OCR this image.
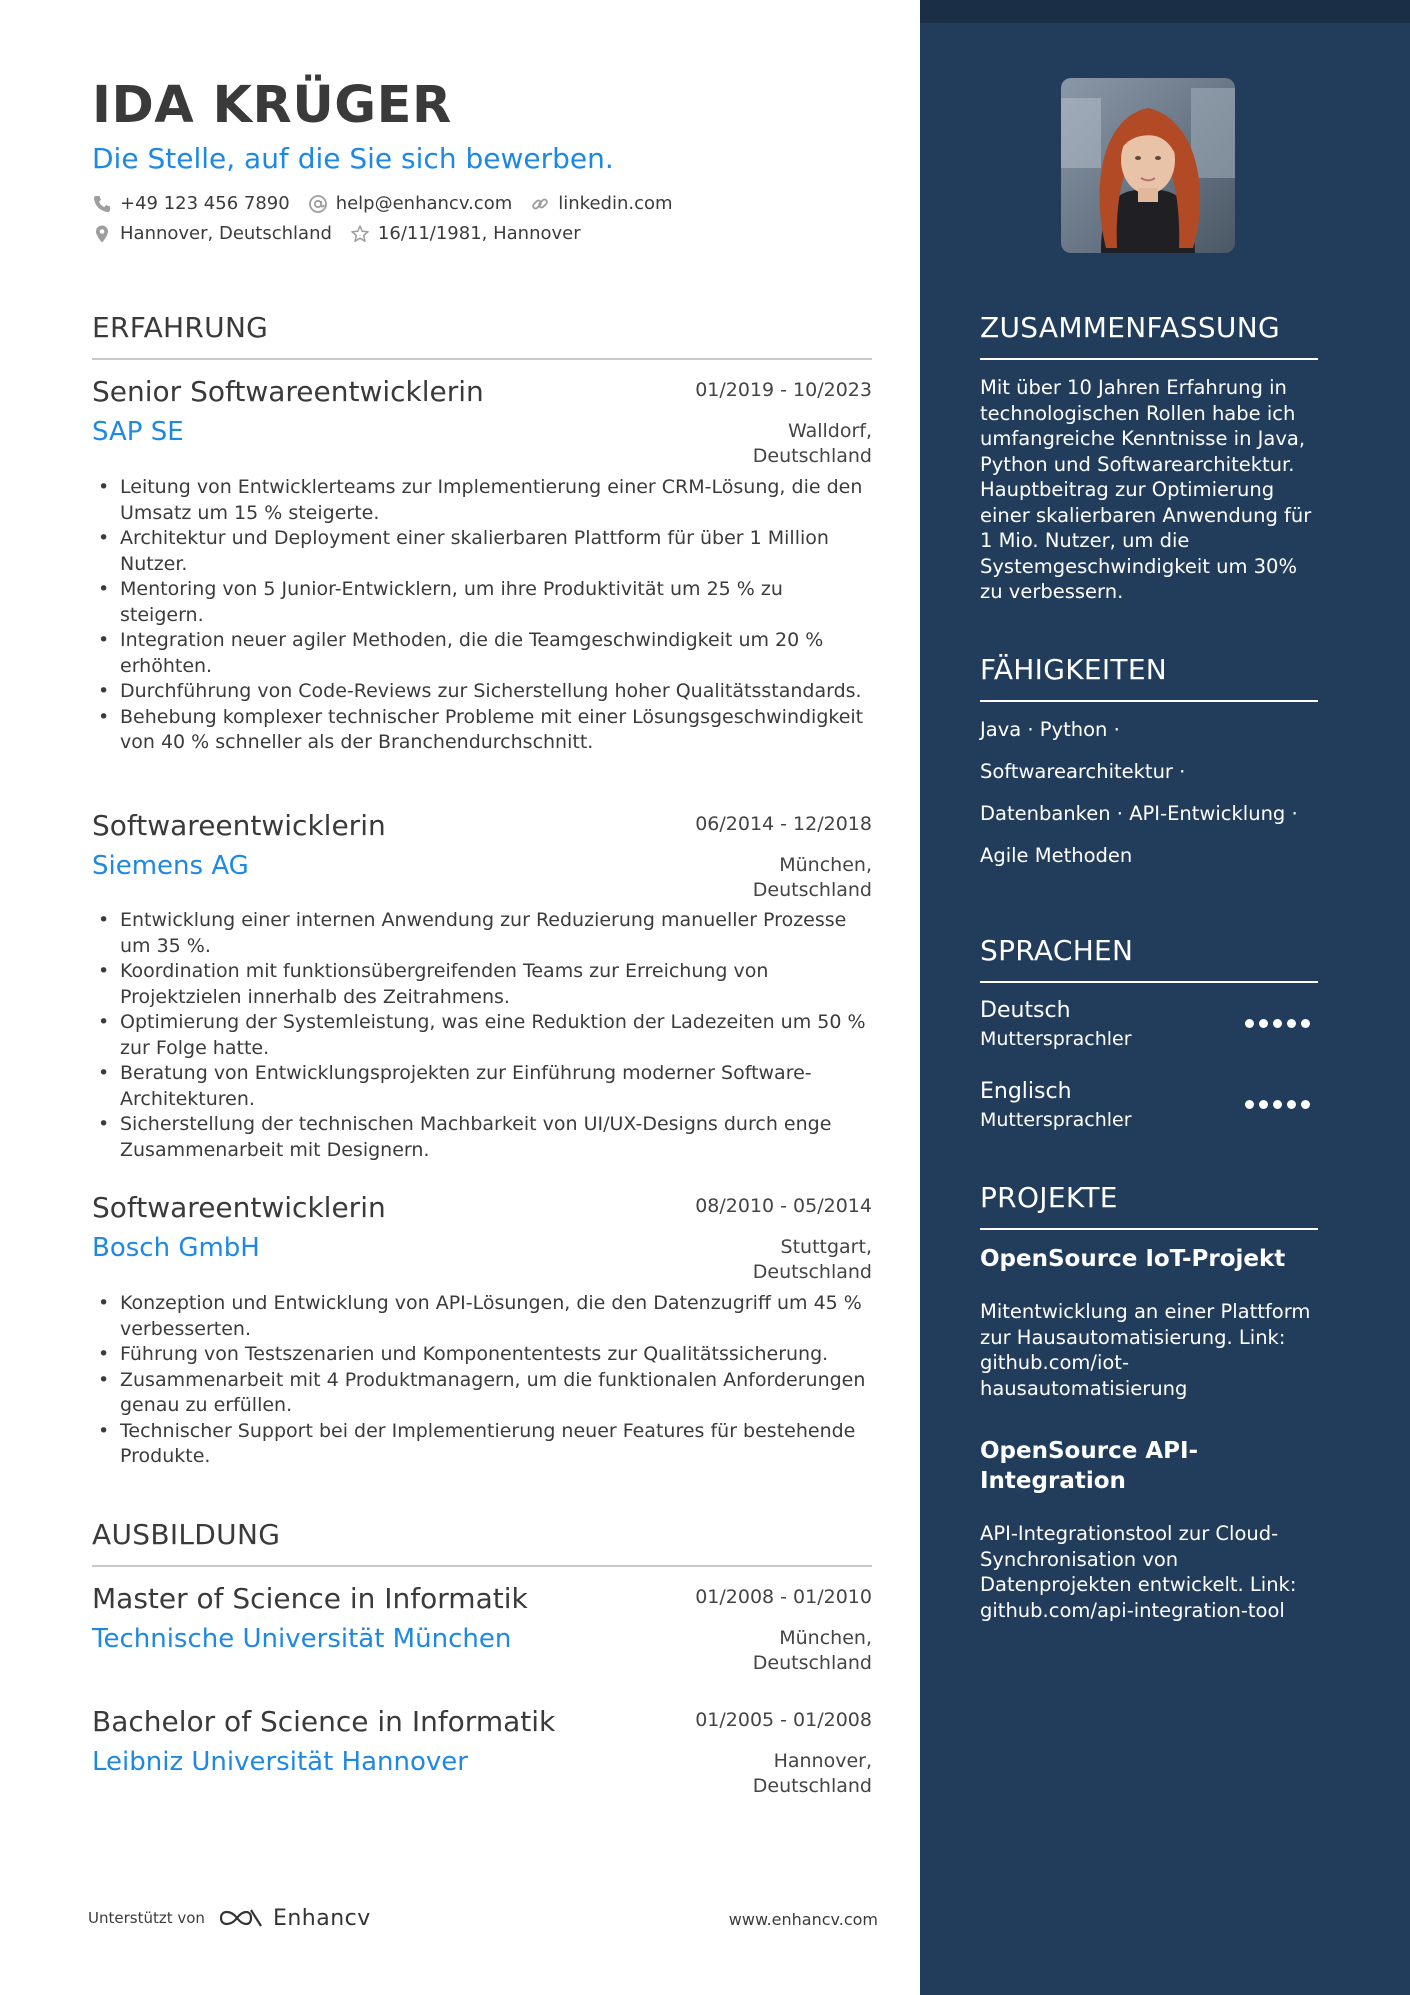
IDA KRÜGER
Die Stelle, auf die Sie sich bewerben.
+49 123 456 7890	help@enhancv.com	linkedin.com
Hannover, Deutschland	16/11/1981, Hannover
ERFAHRUNG
Senior Softwareentwicklerin	01/2019 - 10/2023
SAP SE	Walldorf,
Deutschland
• Leitung von Entwicklerteams zur Implementierung einer CRM-Lösung, die den Umsatz um 15 % steigerte.
• Architektur und Deployment einer skalierbaren Plattform für über 1 Million Nutzer.
• Mentoring von 5 Junior-Entwicklern, um ihre Produktivität um 25 % zu steigern.
• Integration neuer agiler Methoden, die die Teamgeschwindigkeit um 20 % erhöhten.
• Durchführung von Code-Reviews zur Sicherstellung hoher Qualitätsstandards.
• Behebung komplexer technischer Probleme mit einer Lösungsgeschwindigkeit von 40 % schneller als der Branchendurchschnitt.
Softwareentwicklerin	06/2014 - 12/2018
Siemens AG	München,
Deutschland
• Entwicklung einer internen Anwendung zur Reduzierung manueller Prozesse um 35 %.
• Koordination mit funktionsübergreifenden Teams zur Erreichung von Projektzielen innerhalb des Zeitrahmens.
• Optimierung der Systemleistung, was eine Reduktion der Ladezeiten um 50 % zur Folge hatte.
• Beratung von Entwicklungsprojekten zur Einführung moderner Software-Architekturen.
• Sicherstellung der technischen Machbarkeit von UI/UX-Designs durch enge Zusammenarbeit mit Designern.
Softwareentwicklerin	08/2010 - 05/2014
Bosch GmbH	Stuttgart,
Deutschland
• Konzeption und Entwicklung von API-Lösungen, die den Datenzugriff um 45 % verbesserten.
• Führung von Testszenarien und Komponententests zur Qualitätssicherung.
• Zusammenarbeit mit 4 Produktmanagern, um die funktionalen Anforderungen genau zu erfüllen.
• Technischer Support bei der Implementierung neuer Features für bestehende Produkte.
AUSBILDUNG
Master of Science in Informatik	01/2008 - 01/2010
Technische Universität München	München,
Deutschland
Bachelor of Science in Informatik	01/2005 - 01/2008
Leibniz Universität Hannover	Hannover,
Deutschland
Unterstützt von	Enhancv	www.enhancv.com
ZUSAMMENFASSUNG
Mit über 10 Jahren Erfahrung in technologischen Rollen habe ich umfangreiche Kenntnisse in Java, Python und Softwarearchitektur. Hauptbeitrag zur Optimierung einer skalierbaren Anwendung für 1 Mio. Nutzer, um die Systemgeschwindigkeit um 30% zu verbessern.
FÄHIGKEITEN
Java · Python ·
Softwarearchitektur ·
Datenbanken · API-Entwicklung ·
Agile Methoden
SPRACHEN
Deutsch
Muttersprachler
Englisch
Muttersprachler
PROJEKTE
OpenSource IoT-Projekt
Mitentwicklung an einer Plattform zur Hausautomatisierung. Link: github.com/iot-hausautomatisierung
OpenSource API-Integration
API-Integrationstool zur Cloud-Synchronisation von Datenprojekten entwickelt. Link: github.com/api-integration-tool
